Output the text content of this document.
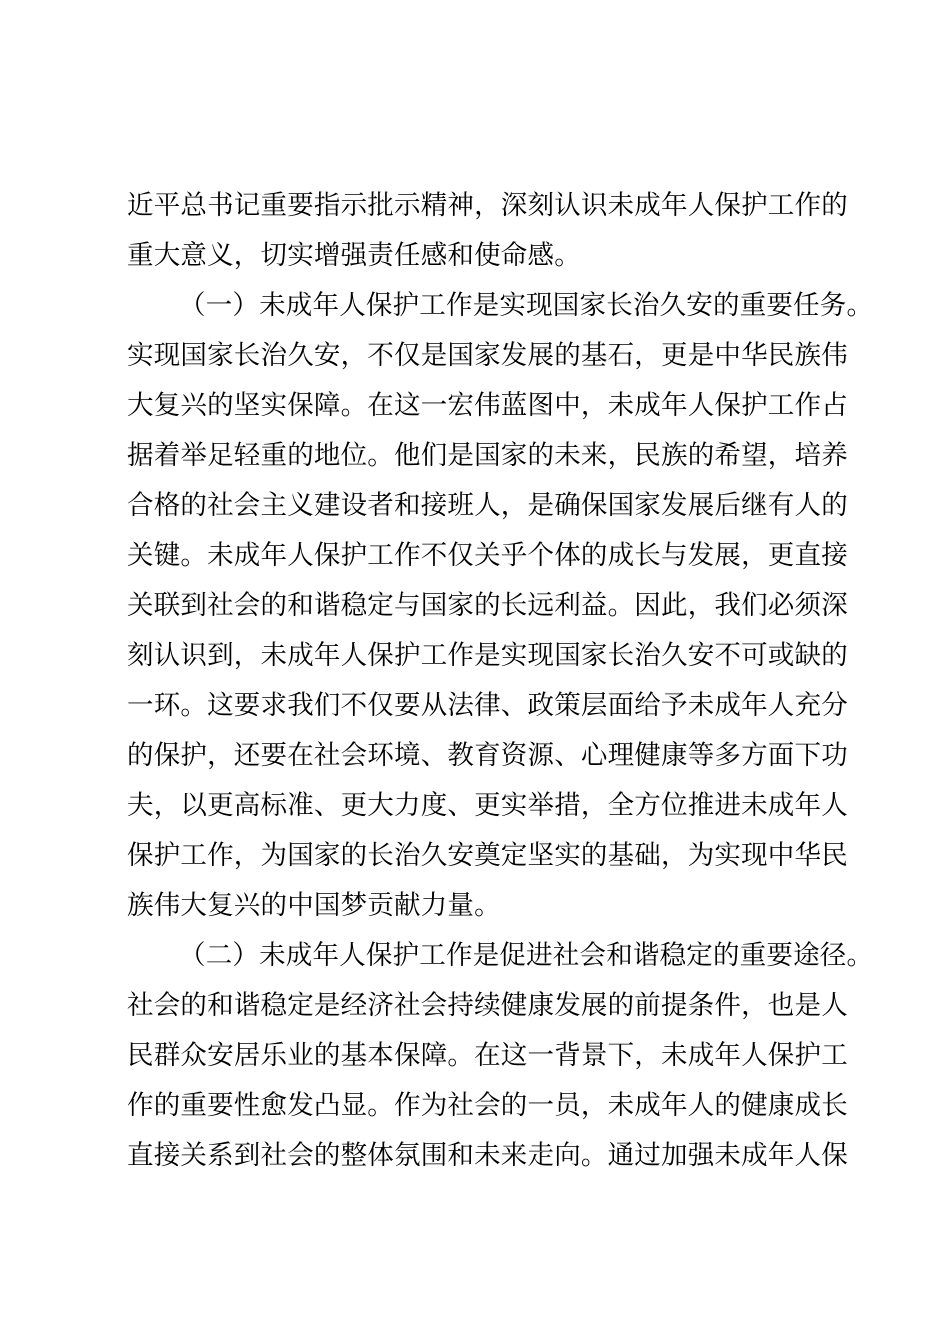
近平总书记重要指示批示精神，深刻认识未成年人保护工作的
重大意义，切实增强责任感和使命感。
（一）未成年人保护工作是实现国家长治久安的重要任务。
实现国家长治久安，不仅是国家发展的基石，更是中华民族伟
大复兴的坚实保障。在这一宏伟蓝图中，未成年人保护工作占
据着举足轻重的地位。他们是国家的未来，民族的希望，培养
合格的社会主义建设者和接班人，是确保国家发展后继有人的
关键。未成年人保护工作不仅关乎个体的成长与发展，更直接
关联到社会的和谐稳定与国家的长远利益。因此，我们必须深
刻认识到，未成年人保护工作是实现国家长治久安不可或缺的
一环。这要求我们不仅要从法律、政策层面给予未成年人充分
的保护，还要在社会环境、教育资源、心理健康等多方面下功
夫，以更高标准、更大力度、更实举措，全方位推进未成年人
保护工作，为国家的长治久安奠定坚实的基础，为实现中华民
族伟大复兴的中国梦贡献力量。
（二）未成年人保护工作是促进社会和谐稳定的重要途径。
社会的和谐稳定是经济社会持续健康发展的前提条件，也是人
民群众安居乐业的基本保障。在这一背景下，未成年人保护工
作的重要性愈发凸显。作为社会的一员，未成年人的健康成长
直接关系到社会的整体氛围和未来走向。通过加强未成年人保
